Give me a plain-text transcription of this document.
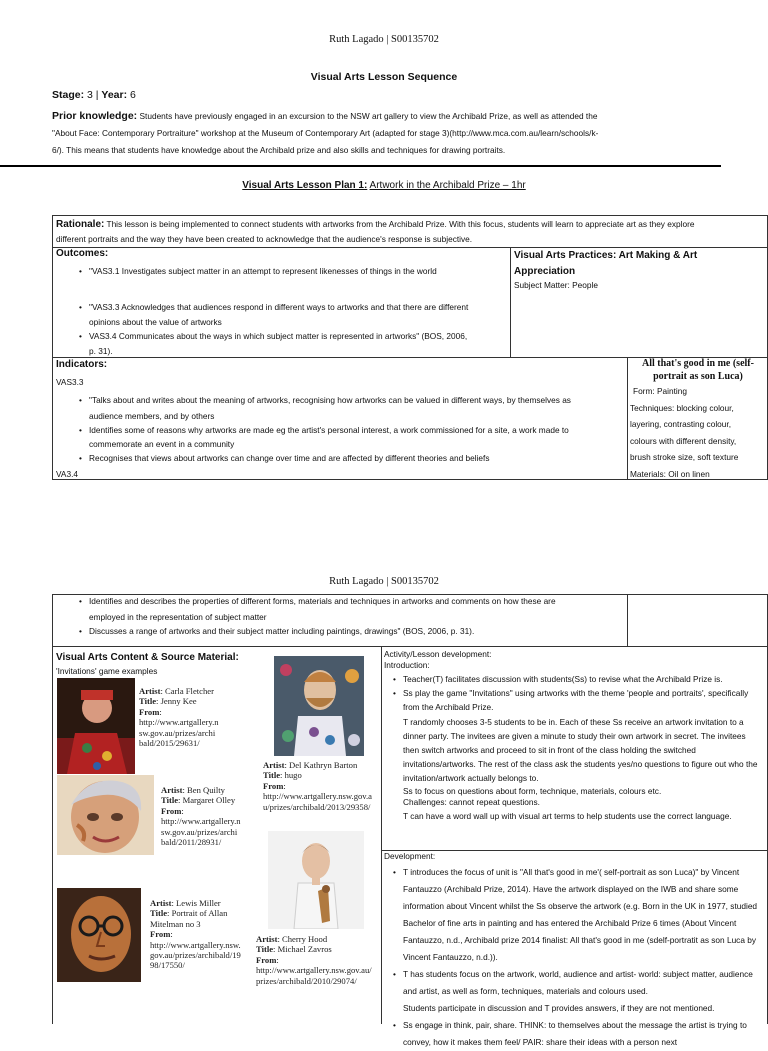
Ruth Lagado | S00135702
Visual Arts Lesson Sequence
Stage: 3 | Year: 6
Prior knowledge: Students have previously engaged in an excursion to the NSW art gallery to view the Archibald Prize, as well as attended the
"About Face: Contemporary Portraiture" workshop at the Museum of Contemporary Art (adapted for stage 3)(http://www.mca.com.au/learn/schools/k-
6/). This means that students have knowledge about the Archibald prize and also skills and techniques for drawing portraits.
Visual Arts Lesson Plan 1: Artwork in the Archibald Prize – 1hr
Rationale: This lesson is being implemented to connect students with artworks from the Archibald Prize. With this focus, students will learn to appreciate art as they explore
different portraits and the way they have been created to acknowledge that the audience's response is subjective.
Outcomes:
• "VAS3.1 Investigates subject matter in an attempt to represent likenesses of things in the world
• "VAS3.3 Acknowledges that audiences respond in different ways to artworks and that there are different
opinions about the value of artworks
• VAS3.4 Communicates about the ways in which subject matter is represented in artworks" (BOS, 2006,
p. 31).
Visual Arts Practices: Art Making & Art
Appreciation
Subject Matter: People
Indicators:
VAS3.3
• "Talks about and writes about the meaning of artworks, recognising how artworks can be valued in different ways, by themselves as
audience members, and by others
• Identifies some of reasons why artworks are made eg the artist's personal interest, a work commissioned for a site, a work made to
commemorate an event in a community
• Recognises that views about artworks can change over time and are affected by different theories and beliefs
VA3.4
All that's good in me (self-
portrait as son Luca)
Form: Painting
Techniques: blocking colour,
layering, contrasting colour,
colours with different density,
brush stroke size, soft texture
Materials: Oil on linen
Ruth Lagado | S00135702
• Identifies and describes the properties of different forms, materials and techniques in artworks and comments on how these are
employed in the representation of subject matter
• Discusses a range of artworks and their subject matter including paintings, drawings" (BOS, 2006, p. 31).
Visual Arts Content & Source Material:
'Invitations' game examples
Artist: Carla Fletcher
Title: Jenny Kee
From:
http://www.artgallery.nsw.gov.au/prizes/archibald/2015/29631/
Artist: Ben Quilty
Title: Margaret Olley
From:
http://www.artgallery.nsw.gov.au/prizes/archibald/2011/28931/
Artist: Lewis Miller
Title: Portrait of Allan Mitelman no 3
From:
http://www.artgallery.nsw.gov.au/prizes/archibald/1998/17550/
Artist: Del Kathryn Barton
Title: hugo
From:
http://www.artgallery.nsw.gov.au/prizes/archibald/2013/29358/
Artist: Cherry Hood
Title: Michael Zavros
From:
http://www.artgallery.nsw.gov.au/prizes/archibald/2010/29074/
Activity/Lesson development:
Introduction:
• Teacher(T) facilitates discussion with students(Ss) to revise what the Archibald Prize is.
• Ss play the game "Invitations" using artworks with the theme 'people and portraits', specifically from the Archibald Prize.
T randomly chooses 3-5 students to be in. Each of these Ss receive an artwork invitation to a dinner party. The invitees are given a minute to study their own artwork in secret. The invitees then switch artworks and proceed to sit in front of the class holding the switched invitations/artworks. The rest of the class ask the students yes/no questions to figure out who the invitation/artwork actually belongs to.
Ss to focus on questions about form, technique, materials, colours etc.
Challenges: cannot repeat questions.
T can have a word wall up with visual art terms to help students use the correct language.
Development:
• T introduces the focus of unit is "All that's good in me'( self-portrait as son Luca)" by Vincent Fantauzzo (Archibald Prize, 2014). Have the artwork displayed on the IWB and share some information about Vincent whilst the Ss observe the artwork (e.g. Born in the UK in 1977, studied Bachelor of fine arts in painting and has entered the Archibald Prize 6 times (About Vincent Fantauzzo, n.d., Archibald prize 2014 finalist: All that's good in me (sdelf-portratit as son Luca by Vincent Fantauzzo, n.d.)).
• T has students focus on the artwork, world, audience and artist- world: subject matter, audience and artist, as well as form, techniques, materials and colours used.
Students participate in discussion and T provides answers, if they are not mentioned.
• Ss engage in think, pair, share. THINK: to themselves about the message the artist is trying to convey, how it makes them feel/ PAIR: share their ideas with a person next
